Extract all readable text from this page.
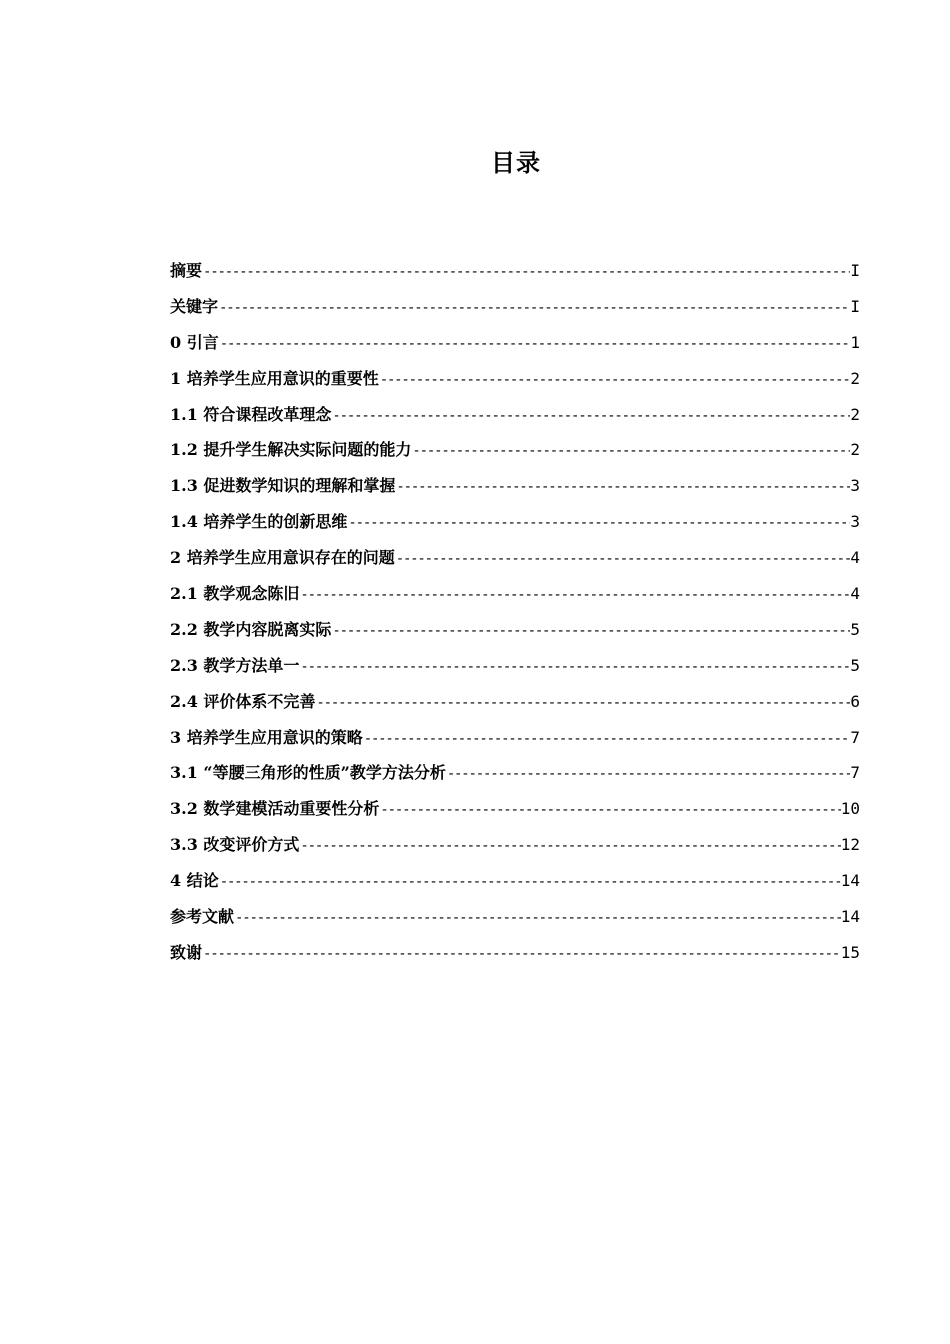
目录
摘要 -----	I
关键字 -----	I
0 引言 -----	1
1 培养学生应用意识的重要性 -----	2
1.1 符合课程改革理念 -----	2
1.2 提升学生解决实际问题的能力 -----	2
1.3 促进数学知识的理解和掌握 -----	3
1.4 培养学生的创新思维 -----	3
2 培养学生应用意识存在的问题 -----	4
2.1 教学观念陈旧 -----	4
2.2 教学内容脱离实际 -----	5
2.3 教学方法单一 -----	5
2.4 评价体系不完善 -----	6
3 培养学生应用意识的策略 -----	7
3.1 “等腰三角形的性质”教学方法分析 -----	7
3.2 数学建模活动重要性分析 -----	10
3.3 改变评价方式 -----	12
4 结论 -----	14
参考文献 -----	14
致谢 -----	15
